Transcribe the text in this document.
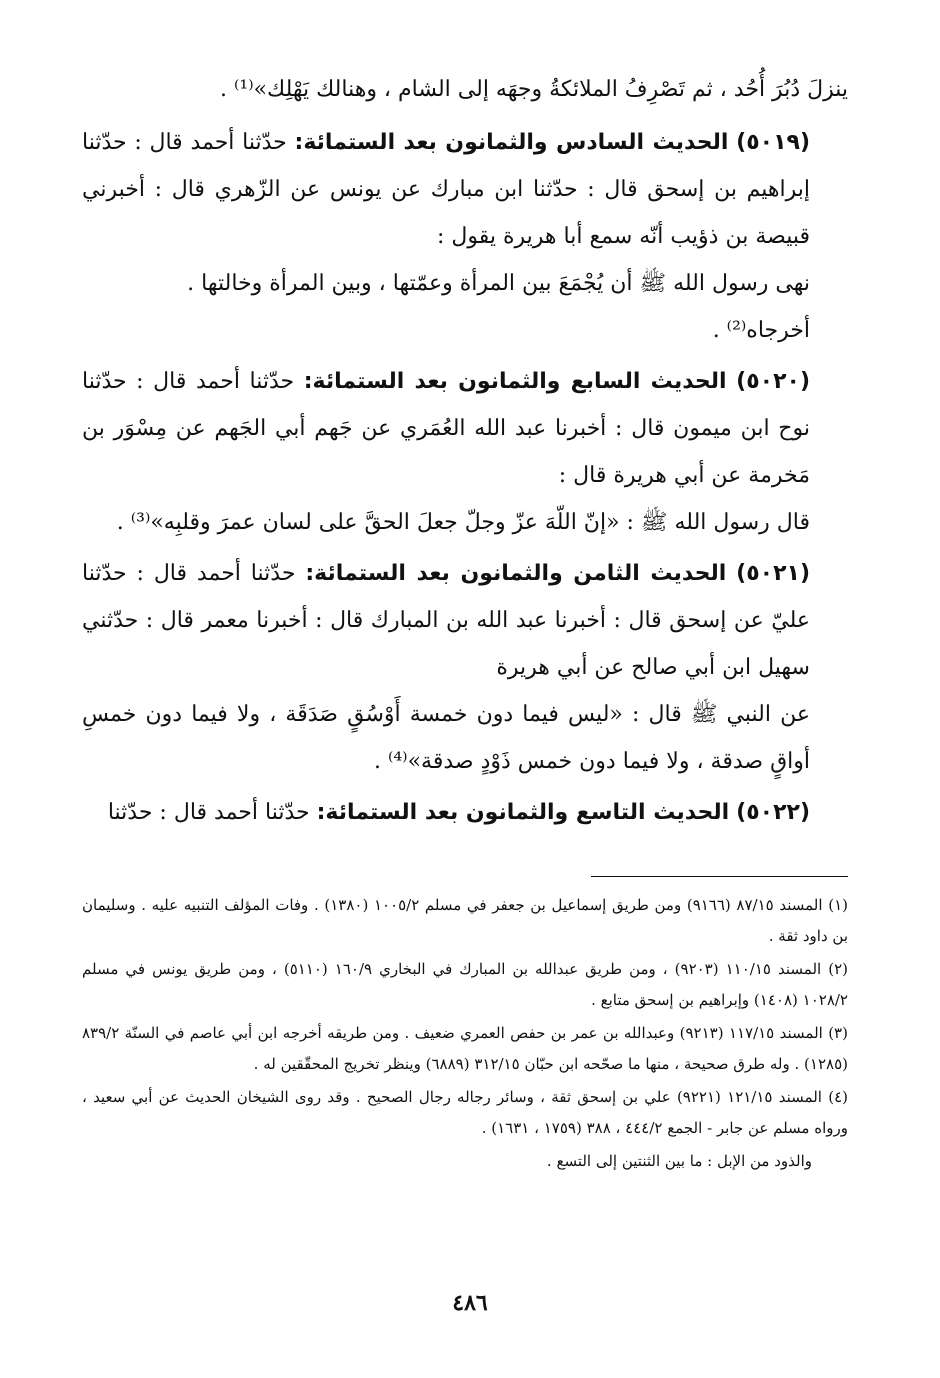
ينزلَ دُبُرَ أُحُد ، ثم تَصْرِفُ الملائكةُ وجهَه إلى الشام ، وهنالك يَهْلِك»⁽¹⁾ .

(٥٠١٩) الحديث السادس والثمانون بعد الستمائة: حدّثنا أحمد قال : حدّثنا إبراهيم بن إسحق قال : حدّثنا ابن مبارك عن يونس عن الزّهري قال : أخبرني قبيصة بن ذؤيب أنّه سمع أبا هريرة يقول :

نهى رسول الله ﷺ أن يُجْمَعَ بين المرأة وعمّتها ، وبين المرأة وخالتها .

أخرجاه⁽²⁾ .

(٥٠٢٠) الحديث السابع والثمانون بعد الستمائة: حدّثنا أحمد قال : حدّثنا نوح ابن ميمون قال : أخبرنا عبد الله العُمَري عن جَهم أبي الجَهم عن مِسْوَر بن مَخرمة عن أبي هريرة قال :

قال رسول الله ﷺ : «إنّ اللّهَ عزّ وجلّ جعلَ الحقَّ على لسان عمرَ وقلبِه»⁽³⁾ .

(٥٠٢١) الحديث الثامن والثمانون بعد الستمائة: حدّثنا أحمد قال : حدّثنا عليّ عن إسحق قال : أخبرنا عبد الله بن المبارك قال : أخبرنا معمر قال : حدّثني سهيل ابن أبي صالح عن أبي هريرة

عن النبي ﷺ قال : «ليس فيما دون خمسة أَوْسُقٍ صَدَقَة ، ولا فيما دون خمسِ أواقٍ صدقة ، ولا فيما دون خمس ذَوْدٍ صدقة»⁽⁴⁾ .

(٥٠٢٢) الحديث التاسع والثمانون بعد الستمائة: حدّثنا أحمد قال : حدّثنا

(١) المسند ٨٧/١٥ (٩١٦٦) ومن طريق إسماعيل بن جعفر في مسلم ١٠٠٥/٢ (١٣٨٠) . وفات المؤلف التنبيه عليه . وسليمان بن داود ثقة .

(٢) المسند ١١٠/١٥ (٩٢٠٣) ، ومن طريق عبدالله بن المبارك في البخاري ١٦٠/٩ (٥١١٠) ، ومن طريق يونس في مسلم ١٠٢٨/٢ (١٤٠٨) وإبراهيم بن إسحق متابع .

(٣) المسند ١١٧/١٥ (٩٢١٣) وعبدالله بن عمر بن حفص العمري ضعيف . ومن طريقه أخرجه ابن أبي عاصم في السنّة ٨٣٩/٢ (١٢٨٥) . وله طرق صحيحة ، منها ما صحّحه ابن حبّان ٣١٢/١٥ (٦٨٨٩) وينظر تخريج المحقّقين له .

(٤) المسند ١٢١/١٥ (٩٢٢١) علي بن إسحق ثقة ، وسائر رجاله رجال الصحيح . وقد روى الشيخان الحديث عن أبي سعيد ، ورواه مسلم عن جابر - الجمع ٤٤٤/٢ ، ٣٨٨ (١٧٥٩ ، ١٦٣١) .

والذود من الإبل : ما بين الثنتين إلى التسع .

٤٨٦
